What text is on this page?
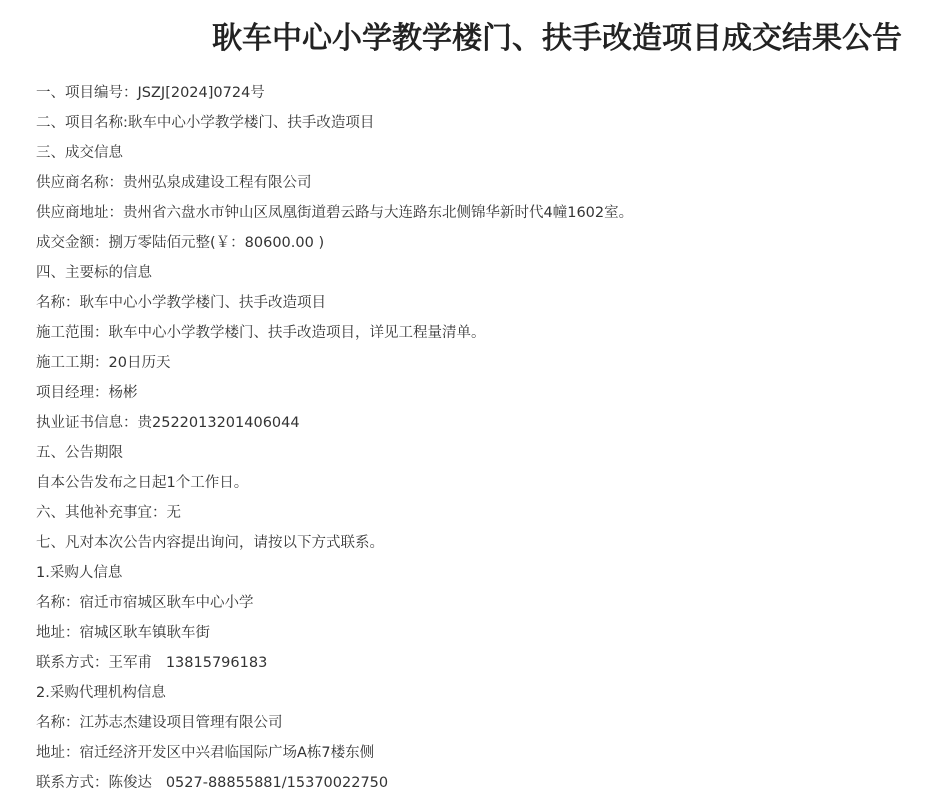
耿车中心小学教学楼门、扶手改造项目成交结果公告
一、项目编号：JSZJ[2024]0724号
二、项目名称:耿车中心小学教学楼门、扶手改造项目
三、成交信息
供应商名称：贵州弘泉成建设工程有限公司
供应商地址：贵州省六盘水市钟山区凤凰街道碧云路与大连路东北侧锦华新时代4幢1602室。
成交金额：捌万零陆佰元整(￥：80600.00 )
四、主要标的信息
名称：耿车中心小学教学楼门、扶手改造项目
施工范围：耿车中心小学教学楼门、扶手改造项目，详见工程量清单。
施工工期：20日历天
项目经理：杨彬
执业证书信息：贵2522013201406044
五、公告期限
自本公告发布之日起1个工作日。
六、其他补充事宜：无
七、凡对本次公告内容提出询问，请按以下方式联系。
1.采购人信息
名称：宿迁市宿城区耿车中心小学
地址：宿城区耿车镇耿车街
联系方式：王军甫   13815796183
2.采购代理机构信息
名称：江苏志杰建设项目管理有限公司
地址：宿迁经济开发区中兴君临国际广场A栋7楼东侧
联系方式：陈俊达   0527-88855881/15370022750
